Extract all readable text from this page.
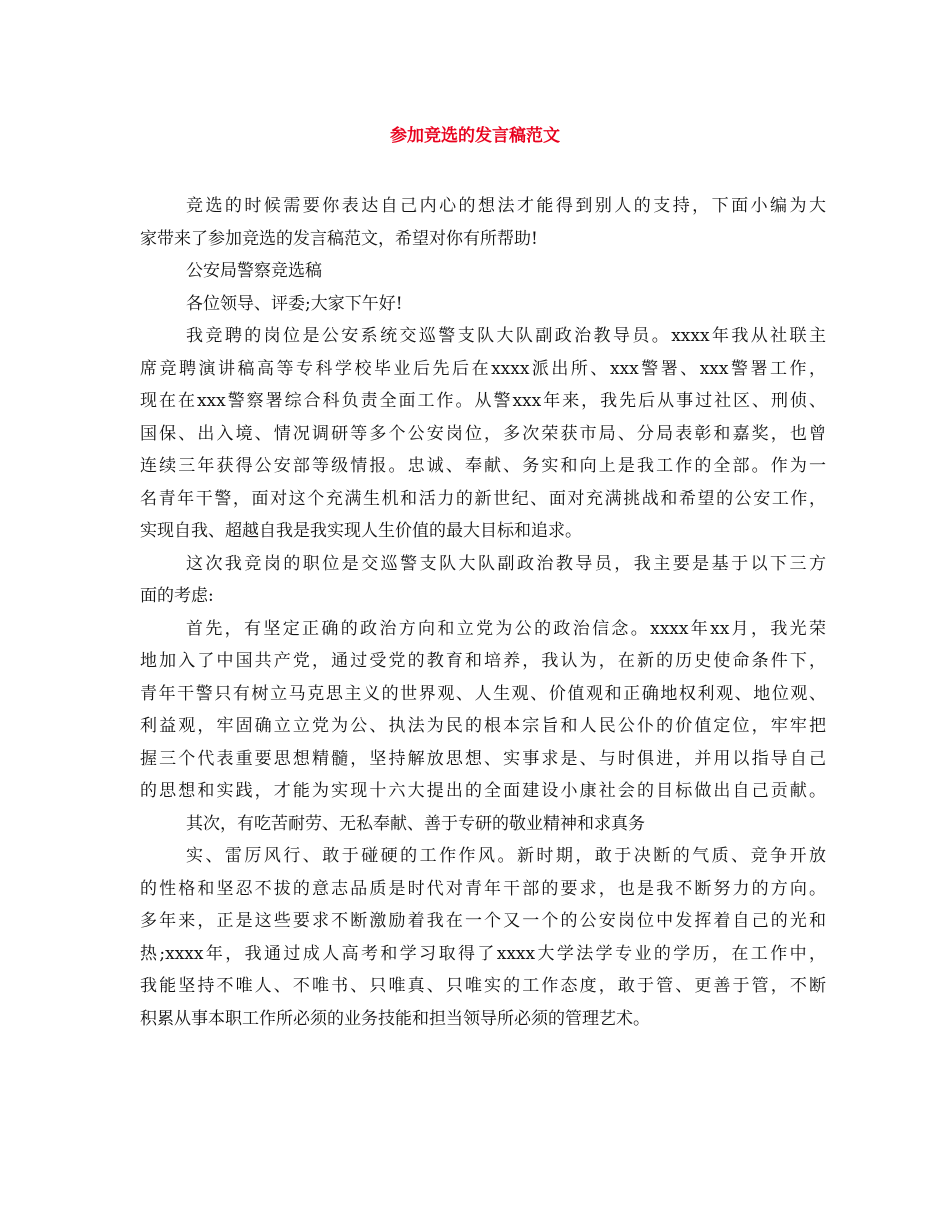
参加竞选的发言稿范文
竞选的时候需要你表达自己内心的想法才能得到别人的支持，下面小编为大
家带来了参加竞选的发言稿范文，希望对你有所帮助!
公安局警察竞选稿
各位领导、评委;大家下午好!
我竞聘的岗位是公安系统交巡警支队大队副政治教导员。xxxx年我从社联主
席竞聘演讲稿高等专科学校毕业后先后在xxxx派出所、xxx警署、xxx警署工作，
现在在xxx警察署综合科负责全面工作。从警xxx年来，我先后从事过社区、刑侦、
国保、出入境、情况调研等多个公安岗位，多次荣获市局、分局表彰和嘉奖，也曾
连续三年获得公安部等级情报。忠诚、奉献、务实和向上是我工作的全部。作为一
名青年干警，面对这个充满生机和活力的新世纪、面对充满挑战和希望的公安工作，
实现自我、超越自我是我实现人生价值的最大目标和追求。
这次我竞岗的职位是交巡警支队大队副政治教导员，我主要是基于以下三方
面的考虑:
首先，有坚定正确的政治方向和立党为公的政治信念。xxxx年xx月，我光荣
地加入了中国共产党，通过受党的教育和培养，我认为，在新的历史使命条件下，
青年干警只有树立马克思主义的世界观、人生观、价值观和正确地权利观、地位观、
利益观，牢固确立立党为公、执法为民的根本宗旨和人民公仆的价值定位，牢牢把
握三个代表重要思想精髓，坚持解放思想、实事求是、与时俱进，并用以指导自己
的思想和实践，才能为实现十六大提出的全面建设小康社会的目标做出自己贡献。
其次，有吃苦耐劳、无私奉献、善于专研的敬业精神和求真务
实、雷厉风行、敢于碰硬的工作作风。新时期，敢于决断的气质、竞争开放
的性格和坚忍不拔的意志品质是时代对青年干部的要求，也是我不断努力的方向。
多年来，正是这些要求不断激励着我在一个又一个的公安岗位中发挥着自己的光和
热;xxxx年，我通过成人高考和学习取得了xxxx大学法学专业的学历，在工作中，
我能坚持不唯人、不唯书、只唯真、只唯实的工作态度，敢于管、更善于管，不断
积累从事本职工作所必须的业务技能和担当领导所必须的管理艺术。
